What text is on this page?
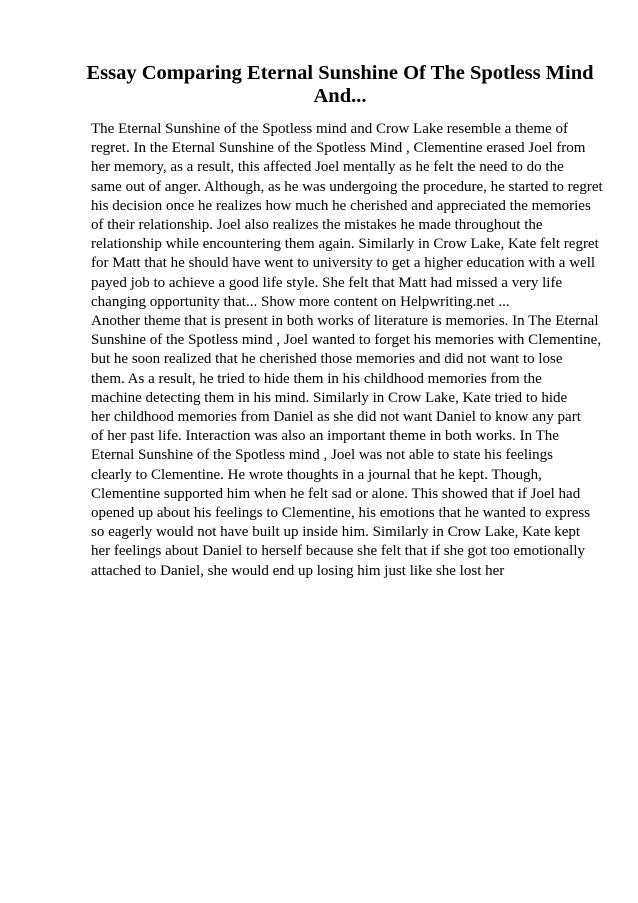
Essay Comparing Eternal Sunshine Of The Spotless Mind
And...
The Eternal Sunshine of the Spotless mind and Crow Lake resemble a theme of
regret. In the Eternal Sunshine of the Spotless Mind , Clementine erased Joel from
her memory, as a result, this affected Joel mentally as he felt the need to do the
same out of anger. Although, as he was undergoing the procedure, he started to regret
his decision once he realizes how much he cherished and appreciated the memories
of their relationship. Joel also realizes the mistakes he made throughout the
relationship while encountering them again. Similarly in Crow Lake, Kate felt regret
for Matt that he should have went to university to get a higher education with a well
payed job to achieve a good life style. She felt that Matt had missed a very life
changing opportunity that... Show more content on Helpwriting.net ...
Another theme that is present in both works of literature is memories. In The Eternal
Sunshine of the Spotless mind , Joel wanted to forget his memories with Clementine,
but he soon realized that he cherished those memories and did not want to lose
them. As a result, he tried to hide them in his childhood memories from the
machine detecting them in his mind. Similarly in Crow Lake, Kate tried to hide
her childhood memories from Daniel as she did not want Daniel to know any part
of her past life. Interaction was also an important theme in both works. In The
Eternal Sunshine of the Spotless mind , Joel was not able to state his feelings
clearly to Clementine. He wrote thoughts in a journal that he kept. Though,
Clementine supported him when he felt sad or alone. This showed that if Joel had
opened up about his feelings to Clementine, his emotions that he wanted to express
so eagerly would not have built up inside him. Similarly in Crow Lake, Kate kept
her feelings about Daniel to herself because she felt that if she got too emotionally
attached to Daniel, she would end up losing him just like she lost her
